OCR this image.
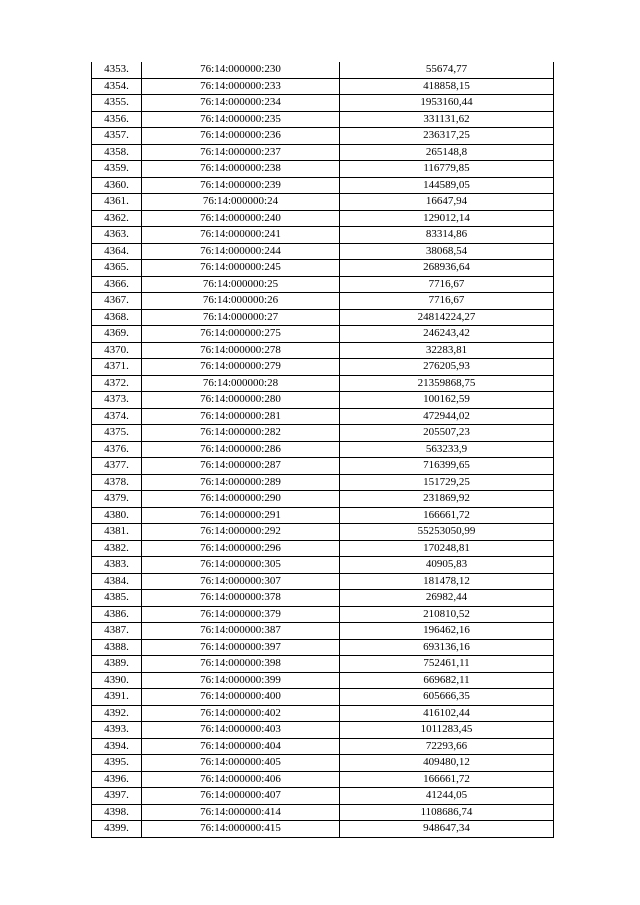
4353.	76:14:000000:230	55674,77
4354.	76:14:000000:233	418858,15
4355.	76:14:000000:234	1953160,44
4356.	76:14:000000:235	331131,62
4357.	76:14:000000:236	236317,25
4358.	76:14:000000:237	265148,8
4359.	76:14:000000:238	116779,85
4360.	76:14:000000:239	144589,05
4361.	76:14:000000:24	16647,94
4362.	76:14:000000:240	129012,14
4363.	76:14:000000:241	83314,86
4364.	76:14:000000:244	38068,54
4365.	76:14:000000:245	268936,64
4366.	76:14:000000:25	7716,67
4367.	76:14:000000:26	7716,67
4368.	76:14:000000:27	24814224,27
4369.	76:14:000000:275	246243,42
4370.	76:14:000000:278	32283,81
4371.	76:14:000000:279	276205,93
4372.	76:14:000000:28	21359868,75
4373.	76:14:000000:280	100162,59
4374.	76:14:000000:281	472944,02
4375.	76:14:000000:282	205507,23
4376.	76:14:000000:286	563233,9
4377.	76:14:000000:287	716399,65
4378.	76:14:000000:289	151729,25
4379.	76:14:000000:290	231869,92
4380.	76:14:000000:291	166661,72
4381.	76:14:000000:292	55253050,99
4382.	76:14:000000:296	170248,81
4383.	76:14:000000:305	40905,83
4384.	76:14:000000:307	181478,12
4385.	76:14:000000:378	26982,44
4386.	76:14:000000:379	210810,52
4387.	76:14:000000:387	196462,16
4388.	76:14:000000:397	693136,16
4389.	76:14:000000:398	752461,11
4390.	76:14:000000:399	669682,11
4391.	76:14:000000:400	605666,35
4392.	76:14:000000:402	416102,44
4393.	76:14:000000:403	1011283,45
4394.	76:14:000000:404	72293,66
4395.	76:14:000000:405	409480,12
4396.	76:14:000000:406	166661,72
4397.	76:14:000000:407	41244,05
4398.	76:14:000000:414	1108686,74
4399.	76:14:000000:415	948647,34
